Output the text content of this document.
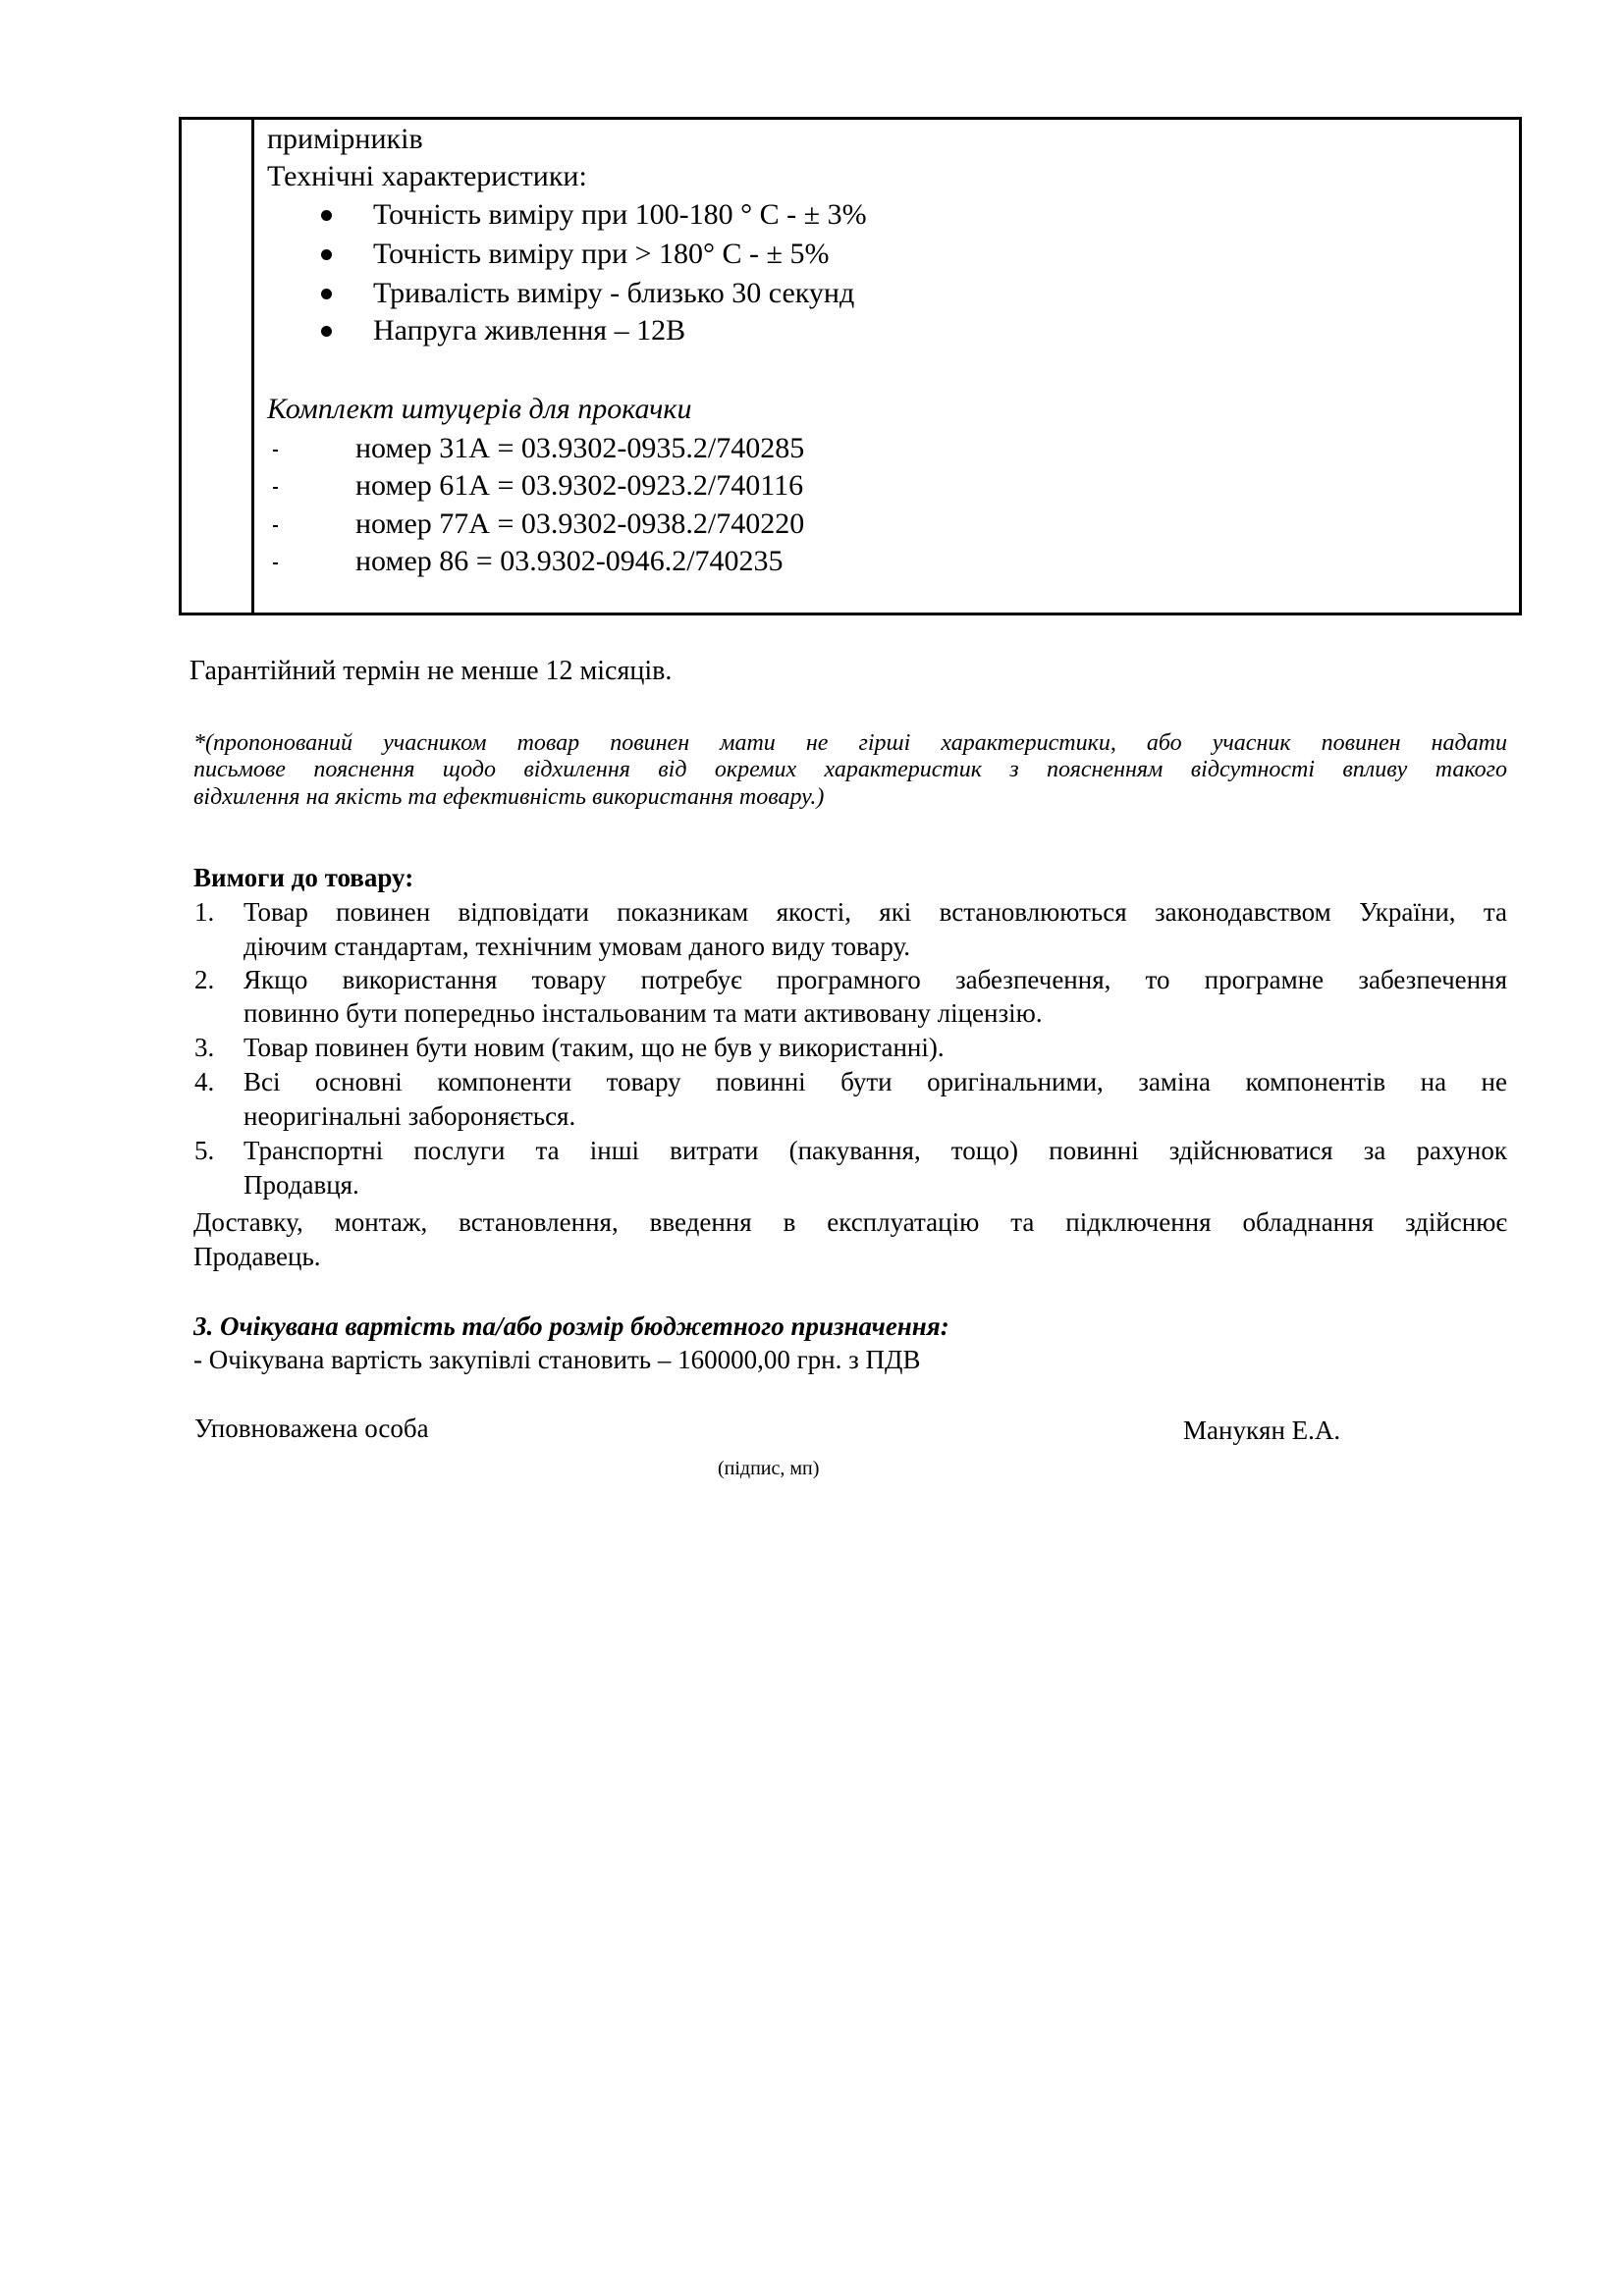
примірників
Технічні характеристики:
Точність виміру при 100-180 ° С - ± 3%
Точність виміру при > 180° С - ± 5%
Тривалість виміру - близько 30 секунд
Напруга живлення – 12В
Комплект штуцерів для прокачки
номер 31А = 03.9302-0935.2/740285
номер 61А = 03.9302-0923.2/740116
номер 77А = 03.9302-0938.2/740220
номер 86 = 03.9302-0946.2/740235
Гарантійний термін не менше 12 місяців.
*(пропонований учасником товар повинен мати не гірші характеристики, або учасник повинен надати
письмове пояснення щодо відхилення від окремих характеристик з поясненням відсутності впливу такого
відхилення на якість та ефективність використання товару.)
Вимоги до товару:
1. Товар повинен відповідати показникам якості, які встановлюються законодавством України, та
діючим стандартам, технічним умовам даного виду товару.
2. Якщо використання товару потребує програмного забезпечення, то програмне забезпечення
повинно бути попередньо інстальованим та мати активовану ліцензію.
3. Товар повинен бути новим (таким, що не був у використанні).
4. Всі основні компоненти товару повинні бути оригінальними, заміна компонентів на не
неоригінальні забороняється.
5. Транспортні послуги та інші витрати (пакування, тощо) повинні здійснюватися за рахунок
Продавця.
Доставку, монтаж, встановлення, введення в експлуатацію та підключення обладнання здійснює
Продавець.
3. Очікувана вартість та/або розмір бюджетного призначення:
- Очікувана вартість закупівлі становить – 160000,00 грн. з ПДВ
Уповноважена особа	Манукян Е.А.
(підпис, мп)
